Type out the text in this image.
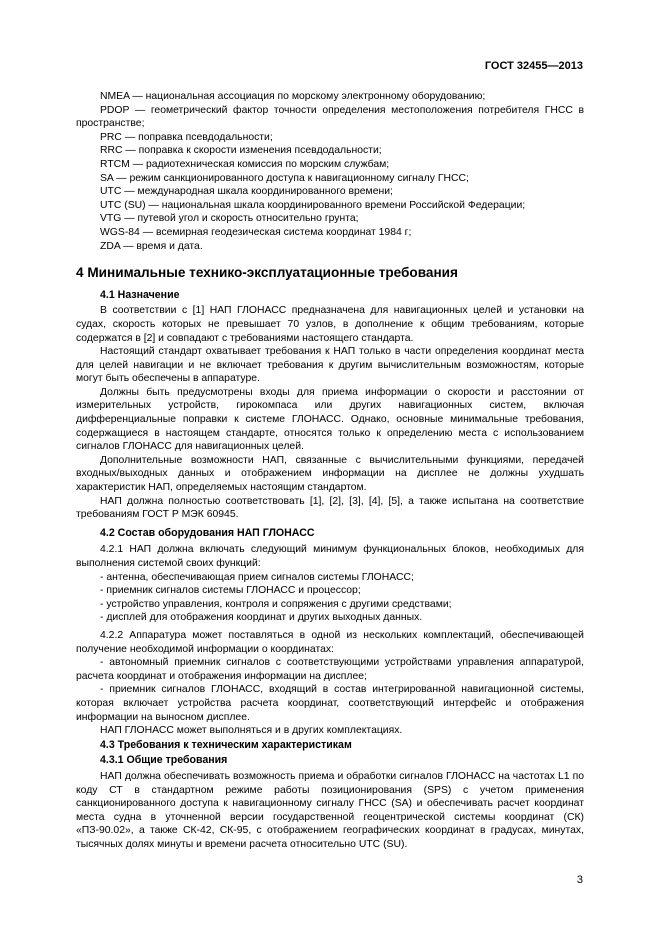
ГОСТ 32455—2013

NMEA — национальная ассоциация по морскому электронному оборудованию;

PDOP — геометрический фактор точности определения местоположения потребителя ГНСС в пространстве;

PRC — поправка псевдодальности;

RRC — поправка к скорости изменения псевдодальности;

RTCM — радиотехническая комиссия по морским службам;

SA — режим санкционированного доступа к навигационному сигналу ГНСС;

UTC — международная шкала координированного времени;

UTC (SU) — национальная шкала координированного времени Российской Федерации;

VTG — путевой угол и скорость относительно грунта;

WGS-84 — всемирная геодезическая система координат 1984 г;

ZDA — время и дата.

4 Минимальные технико-эксплуатационные требования

4.1 Назначение

В соответствии с [1] НАП ГЛОНАСС предназначена для навигационных целей и установки на судах, скорость которых не превышает 70 узлов, в дополнение к общим требованиям, которые содержатся в [2] и совпадают с требованиями настоящего стандарта.

Настоящий стандарт охватывает требования к НАП только в части определения координат места для целей навигации и не включает требования к другим вычислительным возможностям, которые могут быть обеспечены в аппаратуре.

Должны быть предусмотрены входы для приема информации о скорости и расстоянии от измерительных устройств, гирокомпаса или других навигационных систем, включая дифференциальные поправки к системе ГЛОНАСС. Однако, основные минимальные требования, содержащиеся в настоящем стандарте, относятся только к определению места с использованием сигналов ГЛОНАСС для навигационных целей.

Дополнительные возможности НАП, связанные с вычислительными функциями, передачей входных/выходных данных и отображением информации на дисплее не должны ухудшать характеристик НАП, определяемых настоящим стандартом.

НАП должна полностью соответствовать [1], [2], [3], [4], [5], а также испытана на соответствие требованиям ГОСТ Р МЭК 60945.

4.2 Состав оборудования НАП ГЛОНАСС

4.2.1 НАП должна включать следующий минимум функциональных блоков, необходимых для выполнения системой своих функций:

- антенна, обеспечивающая прием сигналов системы ГЛОНАСС;

- приемник сигналов системы ГЛОНАСС и процессор;

- устройство управления, контроля и сопряжения с другими средствами;

- дисплей для отображения координат и других выходных данных.

4.2.2 Аппаратура может поставляться в одной из нескольких комплектаций, обеспечивающей получение необходимой информации о координатах:

- автономный приемник сигналов с соответствующими устройствами управления аппаратурой, расчета координат и отображения информации на дисплее;

- приемник сигналов ГЛОНАСС, входящий в состав интегрированной навигационной системы, которая включает устройства расчета координат, соответствующий интерфейс и отображения информации на выносном дисплее.

НАП ГЛОНАСС может выполняться и в других комплектациях.

4.3 Требования к техническим характеристикам

4.3.1 Общие требования

НАП должна обеспечивать возможность приема и обработки сигналов ГЛОНАСС на частотах L1 по коду СТ в стандартном режиме работы позиционирования (SPS) с учетом применения санкционированного доступа к навигационному сигналу ГНСС (SA) и обеспечивать расчет координат места судна в уточненной версии государственной геоцентрической системы координат (СК) «ПЗ-90.02», а также СК-42, СК-95, с отображением географических координат в градусах, минутах, тысячных долях минуты и времени расчета относительно UTC (SU).

3
